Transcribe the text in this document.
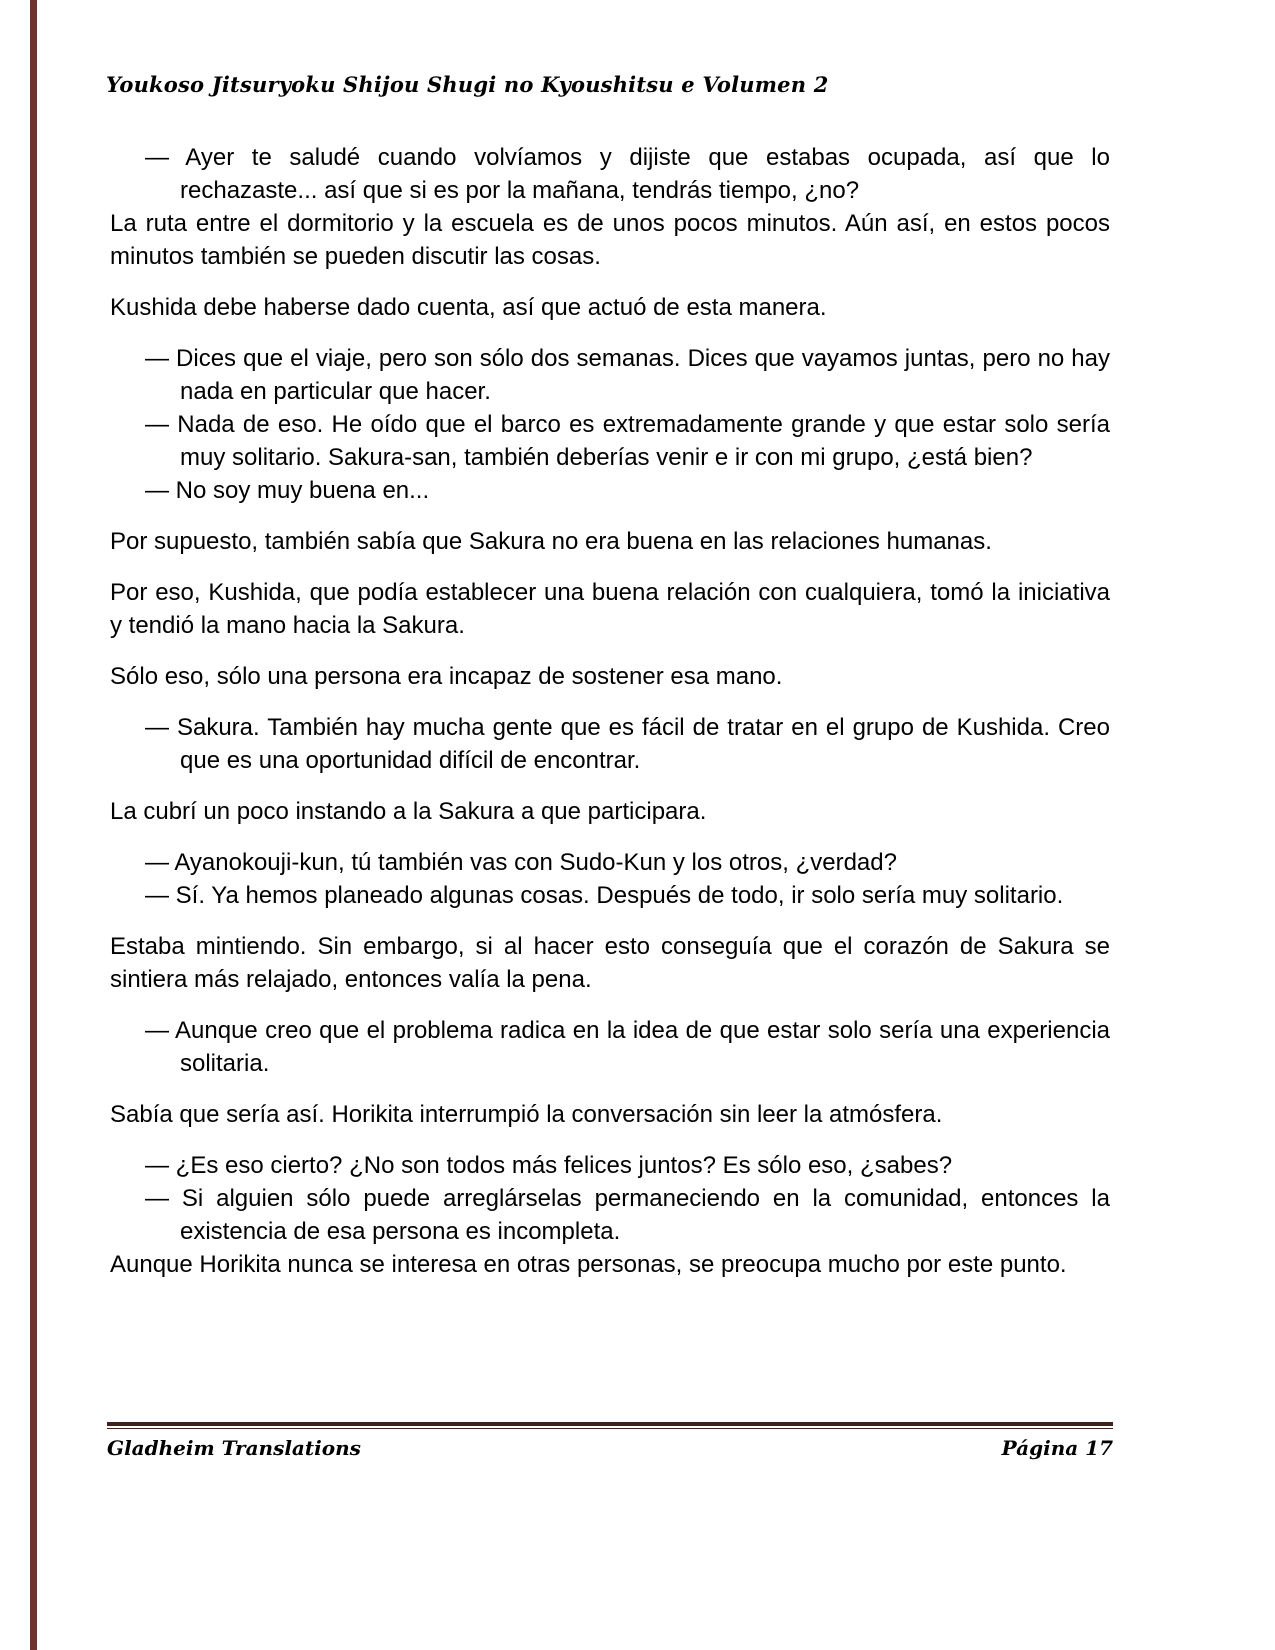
Youkoso Jitsuryoku Shijou Shugi no Kyoushitsu e Volumen 2

— Ayer te saludé cuando volvíamos y dijiste que estabas ocupada, así que lo rechazaste... así que si es por la mañana, tendrás tiempo, ¿no?

La ruta entre el dormitorio y la escuela es de unos pocos minutos. Aún así, en estos pocos minutos también se pueden discutir las cosas.

Kushida debe haberse dado cuenta, así que actuó de esta manera.

— Dices que el viaje, pero son sólo dos semanas. Dices que vayamos juntas, pero no hay nada en particular que hacer.

— Nada de eso. He oído que el barco es extremadamente grande y que estar solo sería muy solitario. Sakura-san, también deberías venir e ir con mi grupo, ¿está bien?

— No soy muy buena en...

Por supuesto, también sabía que Sakura no era buena en las relaciones humanas.

Por eso, Kushida, que podía establecer una buena relación con cualquiera, tomó la iniciativa y tendió la mano hacia la Sakura.

Sólo eso, sólo una persona era incapaz de sostener esa mano.

— Sakura. También hay mucha gente que es fácil de tratar en el grupo de Kushida. Creo que es una oportunidad difícil de encontrar.

La cubrí un poco instando a la Sakura a que participara.

— Ayanokouji-kun, tú también vas con Sudo-Kun y los otros, ¿verdad?

— Sí. Ya hemos planeado algunas cosas. Después de todo, ir solo sería muy solitario.

Estaba mintiendo. Sin embargo, si al hacer esto conseguía que el corazón de Sakura se sintiera más relajado, entonces valía la pena.

— Aunque creo que el problema radica en la idea de que estar solo sería una experiencia solitaria.

Sabía que sería así. Horikita interrumpió la conversación sin leer la atmósfera.

— ¿Es eso cierto? ¿No son todos más felices juntos? Es sólo eso, ¿sabes?

— Si alguien sólo puede arreglárselas permaneciendo en la comunidad, entonces la existencia de esa persona es incompleta.

Aunque Horikita nunca se interesa en otras personas, se preocupa mucho por este punto.

Gladheim Translations	Página 17
